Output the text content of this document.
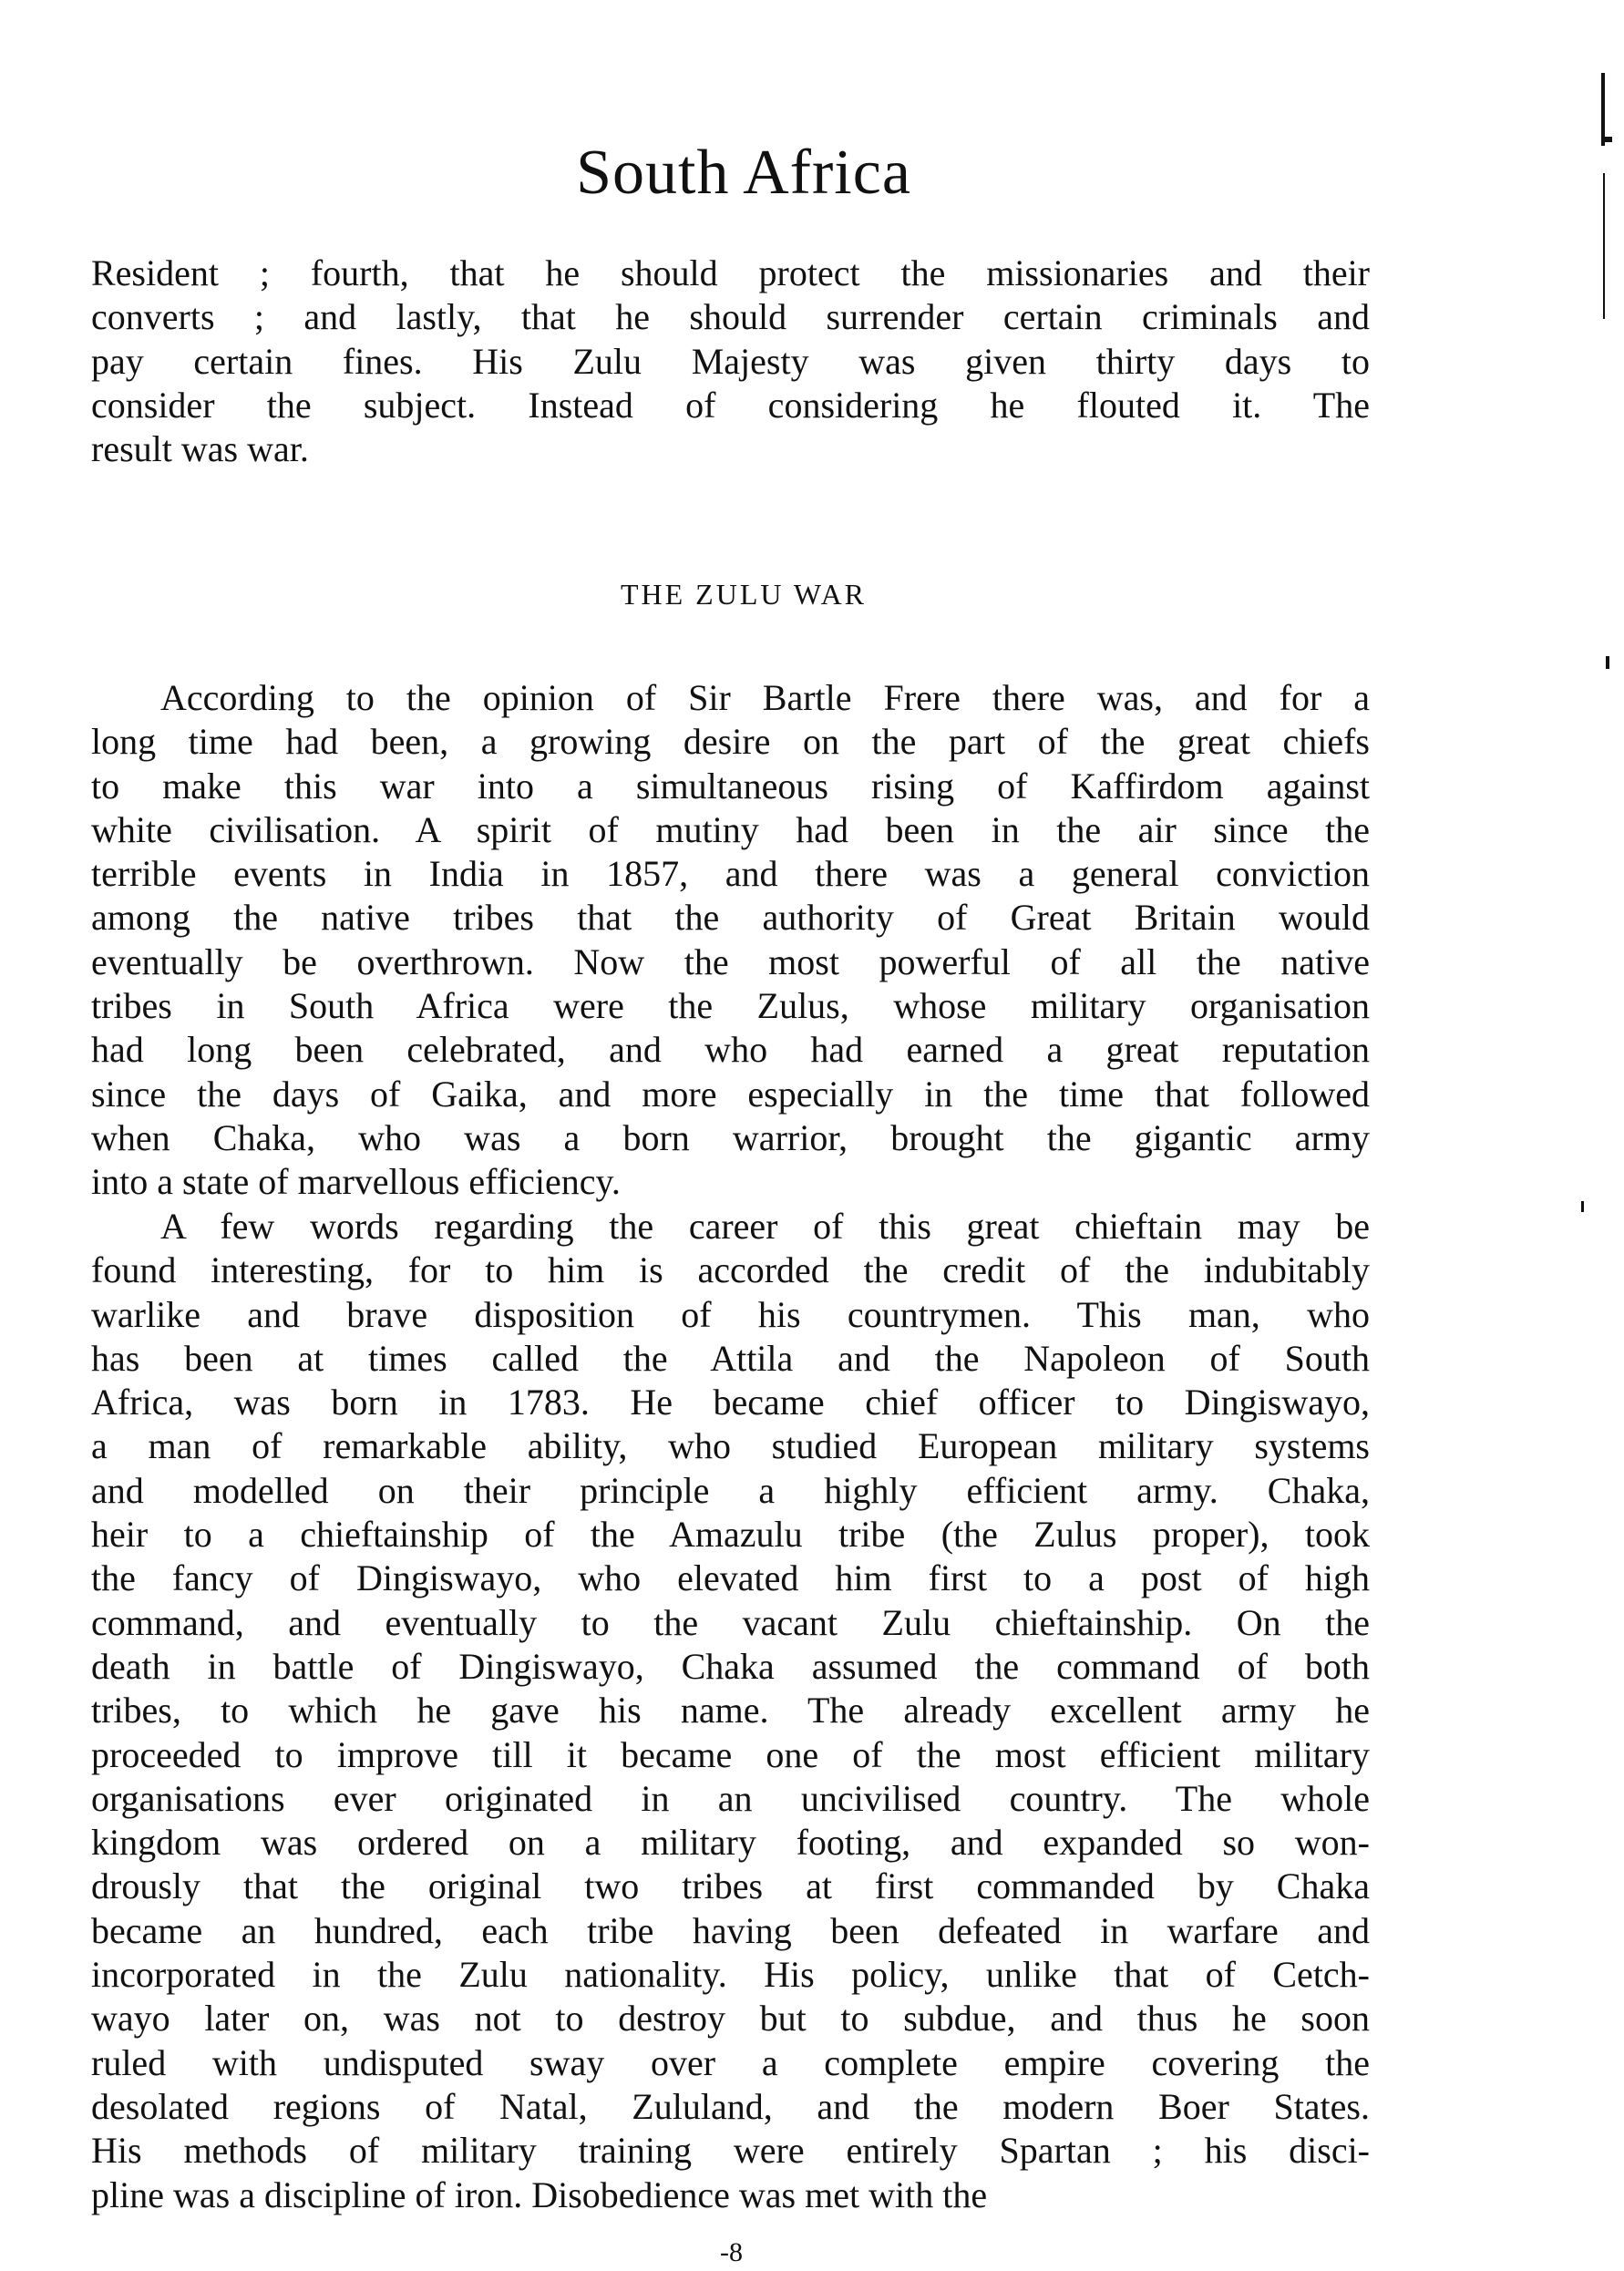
South Africa
Resident ; fourth, that he should protect the missionaries and their
converts ; and lastly, that he should surrender certain criminals and
pay certain fines. His Zulu Majesty was given thirty days to
consider the subject. Instead of considering he flouted it. The
result was war.
THE ZULU WAR
According to the opinion of Sir Bartle Frere there was, and for a
long time had been, a growing desire on the part of the great chiefs
to make this war into a simultaneous rising of Kaffirdom against
white civilisation. A spirit of mutiny had been in the air since the
terrible events in India in 1857, and there was a general conviction
among the native tribes that the authority of Great Britain would
eventually be overthrown. Now the most powerful of all the native
tribes in South Africa were the Zulus, whose military organisation
had long been celebrated, and who had earned a great reputation
since the days of Gaika, and more especially in the time that followed
when Chaka, who was a born warrior, brought the gigantic army
into a state of marvellous efficiency.
A few words regarding the career of this great chieftain may be
found interesting, for to him is accorded the credit of the indubitably
warlike and brave disposition of his countrymen. This man, who
has been at times called the Attila and the Napoleon of South
Africa, was born in 1783. He became chief officer to Dingiswayo,
a man of remarkable ability, who studied European military systems
and modelled on their principle a highly efficient army. Chaka,
heir to a chieftainship of the Amazulu tribe (the Zulus proper), took
the fancy of Dingiswayo, who elevated him first to a post of high
command, and eventually to the vacant Zulu chieftainship. On the
death in battle of Dingiswayo, Chaka assumed the command of both
tribes, to which he gave his name. The already excellent army he
proceeded to improve till it became one of the most efficient military
organisations ever originated in an uncivilised country. The whole
kingdom was ordered on a military footing, and expanded so won-
drously that the original two tribes at first commanded by Chaka
became an hundred, each tribe having been defeated in warfare and
incorporated in the Zulu nationality. His policy, unlike that of Cetch-
wayo later on, was not to destroy but to subdue, and thus he soon
ruled with undisputed sway over a complete empire covering the
desolated regions of Natal, Zululand, and the modern Boer States.
His methods of military training were entirely Spartan ; his disci-
pline was a discipline of iron. Disobedience was met with the
-8
